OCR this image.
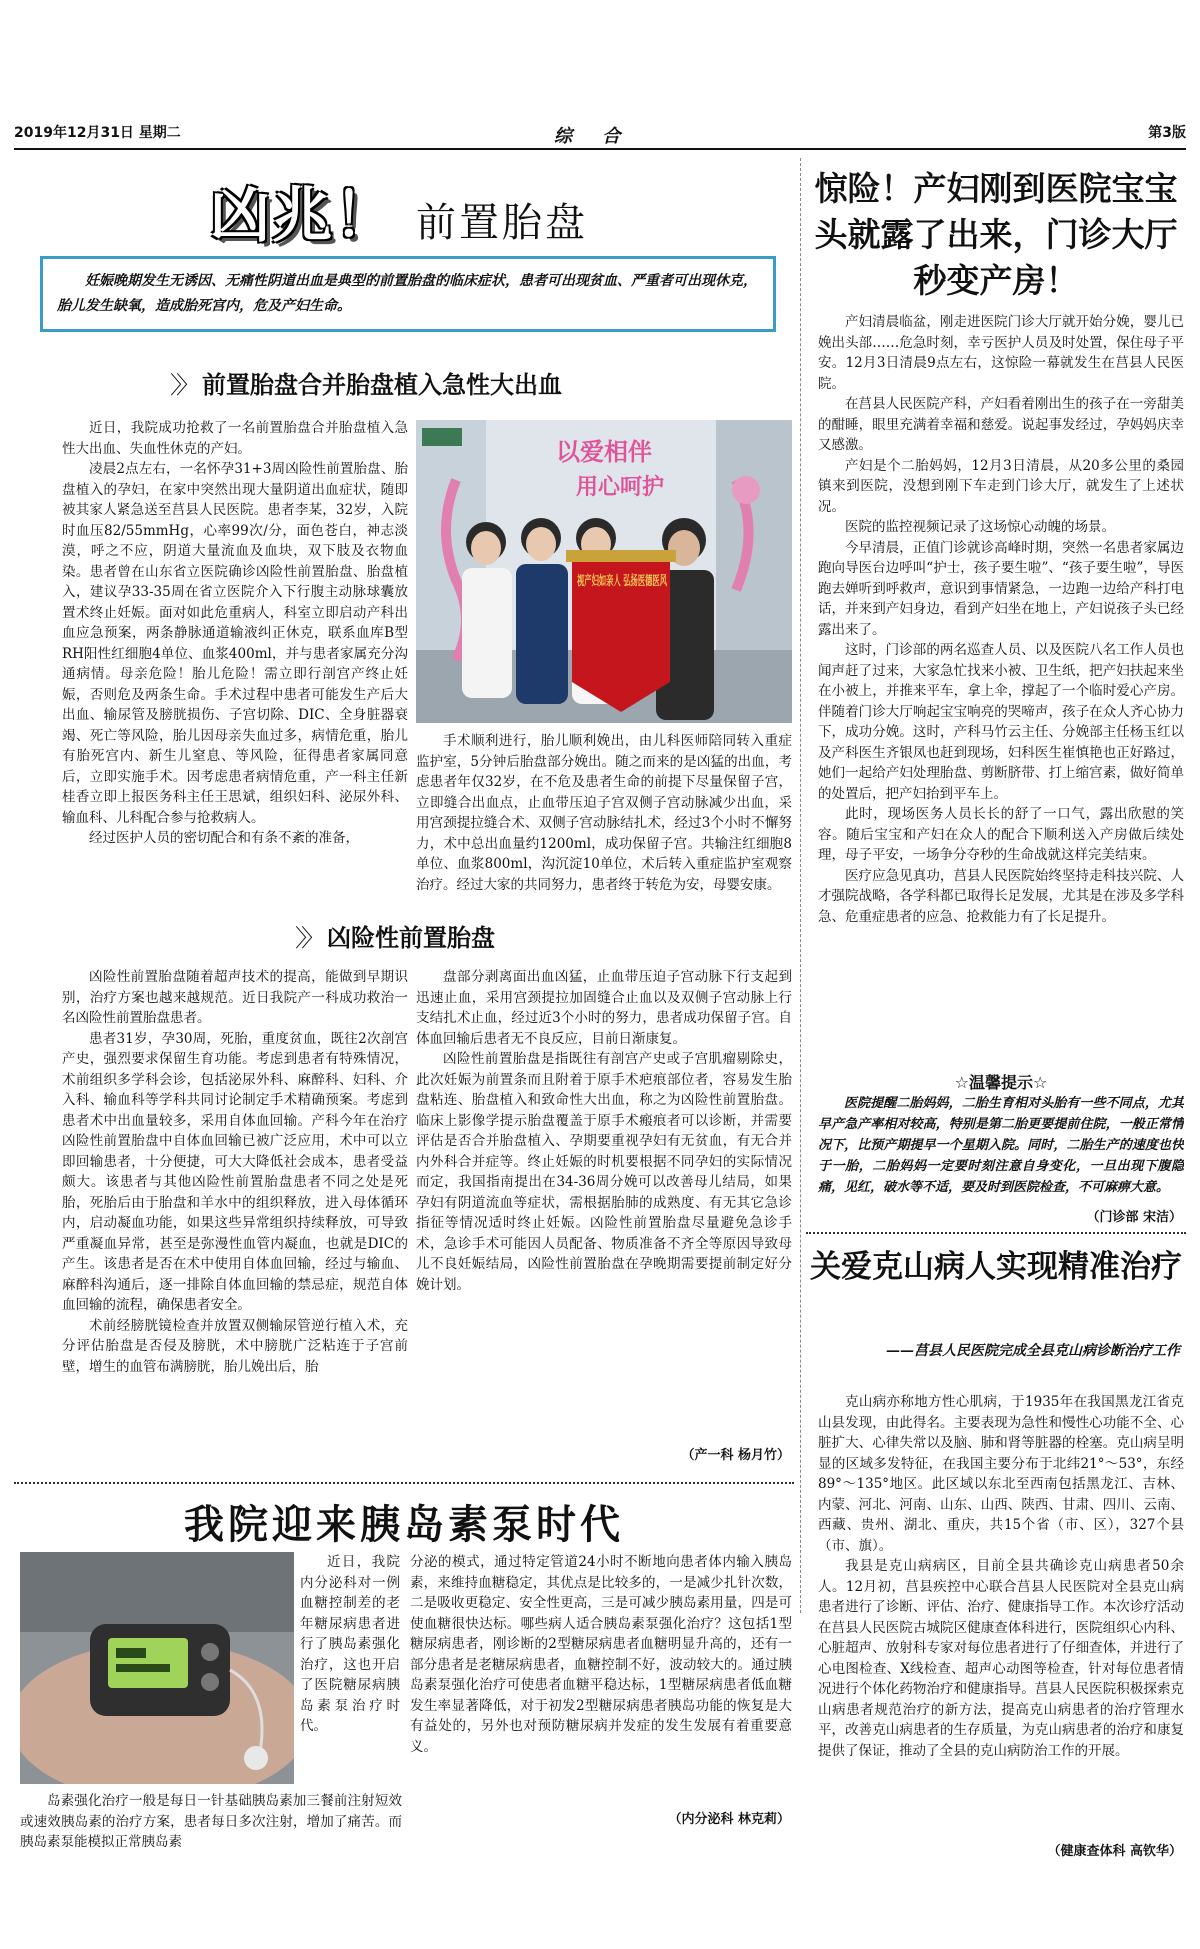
2019年12月31日 星期二	综 合	第3版
凶兆！ 前置胎盘

妊娠晚期发生无诱因、无痛性阴道出血是典型的前置胎盘的临床症状，患者可出现贫血、严重者可出现休克，胎儿发生缺氧，造成胎死宫内，危及产妇生命。

〉〉 前置胎盘合并胎盘植入急性大出血

近日，我院成功抢救了一名前置胎盘合并胎盘植入急性大出血、失血性休克的产妇。

凌晨2点左右，一名怀孕31+3周凶险性前置胎盘、胎盘植入的孕妇，在家中突然出现大量阴道出血症状，随即被其家人紧急送至莒县人民医院。患者李某，32岁，入院时血压82/55mmHg，心率99次/分，面色苍白，神志淡漠，呼之不应，阴道大量流血及血块，双下肢及衣物血染。患者曾在山东省立医院确诊凶险性前置胎盘、胎盘植入，建议孕33-35周在省立医院介入下行腹主动脉球囊放置术终止妊娠。面对如此危重病人，科室立即启动产科出血应急预案，两条静脉通道输液纠正休克，联系血库B型RH阳性红细胞4单位、血浆400ml，并与患者家属充分沟通病情。母亲危险！胎儿危险！需立即行剖宫产终止妊娠，否则危及两条生命。手术过程中患者可能发生产后大出血、输尿管及膀胱损伤、子宫切除、DIC、全身脏器衰竭、死亡等风险，胎儿因母亲失血过多，病情危重，胎儿有胎死宫内、新生儿窒息、等风险，征得患者家属同意后，立即实施手术。因考虑患者病情危重，产一科主任新桂香立即上报医务科主任王思斌，组织妇科、泌尿外科、输血科、儿科配合参与抢救病人。

经过医护人员的密切配合和有条不紊的准备，

以爱相伴
用心呵护
视产妇如亲人 弘扬医德医风

手术顺利进行，胎儿顺利娩出，由儿科医师陪同转入重症监护室，5分钟后胎盘部分娩出。随之而来的是凶猛的出血，考虑患者年仅32岁，在不危及患者生命的前提下尽量保留子宫，立即缝合出血点，止血带压迫子宫双侧子宫动脉减少出血，采用宫颈提拉缝合术、双侧子宫动脉结扎术，经过3个小时不懈努力，术中总出血量约1200ml，成功保留子宫。共输注红细胞8单位、血浆800ml，沟沉淀10单位，术后转入重症监护室观察治疗。经过大家的共同努力，患者终于转危为安，母婴安康。

〉〉 凶险性前置胎盘

凶险性前置胎盘随着超声技术的提高，能做到早期识别，治疗方案也越来越规范。近日我院产一科成功救治一名凶险性前置胎盘患者。

患者31岁，孕30周，死胎，重度贫血，既往2次剖宫产史，强烈要求保留生育功能。考虑到患者有特殊情况，术前组织多学科会诊，包括泌尿外科、麻醉科、妇科、介入科、输血科等学科共同讨论制定手术精确预案。考虑到患者术中出血量较多，采用自体血回输。产科今年在治疗凶险性前置胎盘中自体血回输已被广泛应用，术中可以立即回输患者，十分便捷，可大大降低社会成本，患者受益颇大。该患者与其他凶险性前置胎盘患者不同之处是死胎，死胎后由于胎盘和羊水中的组织释放，进入母体循环内，启动凝血功能，如果这些异常组织持续释放，可导致严重凝血异常，甚至是弥漫性血管内凝血，也就是DIC的产生。该患者是否在术中使用自体血回输，经过与输血、麻醉科沟通后，逐一排除自体血回输的禁忌症，规范自体血回输的流程，确保患者安全。

术前经膀胱镜检查并放置双侧输尿管逆行植入术，充分评估胎盘是否侵及膀胱，术中膀胱广泛粘连于子宫前壁，增生的血管布满膀胱，胎儿娩出后，胎

盘部分剥离面出血凶猛，止血带压迫子宫动脉下行支起到迅速止血，采用宫颈提拉加固缝合止血以及双侧子宫动脉上行支结扎术止血，经过近3个小时的努力，患者成功保留子宫。自体血回输后患者无不良反应，目前日渐康复。

凶险性前置胎盘是指既往有剖宫产史或子宫肌瘤剔除史，此次妊娠为前置条而且附着于原手术疤痕部位者，容易发生胎盘粘连、胎盘植入和致命性大出血，称之为凶险性前置胎盘。临床上影像学提示胎盘覆盖于原手术瘢痕者可以诊断，并需要评估是否合并胎盘植入、孕期要重视孕妇有无贫血，有无合并内外科合并症等。终止妊娠的时机要根据不同孕妇的实际情况而定，我国指南提出在34-36周分娩可以改善母儿结局，如果孕妇有阴道流血等症状，需根据胎肺的成熟度、有无其它急诊指征等情况适时终止妊娠。凶险性前置胎盘尽量避免急诊手术，急诊手术可能因人员配备、物质准备不齐全等原因导致母儿不良妊娠结局，凶险性前置胎盘在孕晚期需要提前制定好分娩计划。

（产一科 杨月竹）
我院迎来胰岛素泵时代

近日，我院内分泌科对一例血糖控制差的老年糖尿病患者进行了胰岛素强化治疗，这也开启了医院糖尿病胰岛素泵治疗时代。

岛素强化治疗一般是每日一针基础胰岛素加三餐前注射短效或速效胰岛素的治疗方案，患者每日多次注射，增加了痛苦。而胰岛素泵能模拟正常胰岛素

分泌的模式，通过特定管道24小时不断地向患者体内输入胰岛素，来维持血糖稳定，其优点是比较多的，一是减少扎针次数，二是吸收更稳定、安全性更高，三是可减少胰岛素用量，四是可使血糖很快达标。哪些病人适合胰岛素泵强化治疗？这包括1型糖尿病患者，刚诊断的2型糖尿病患者血糖明显升高的，还有一部分患者是老糖尿病患者，血糖控制不好，波动较大的。通过胰岛素泵强化治疗可使患者血糖平稳达标，1型糖尿病患者低血糖发生率显著降低，对于初发2型糖尿病患者胰岛功能的恢复是大有益处的，另外也对预防糖尿病并发症的发生发展有着重要意义。

（内分泌科 林克莉）
惊险！产妇刚到医院宝宝头就露了出来，门诊大厅秒变产房！

产妇清晨临盆，刚走进医院门诊大厅就开始分娩，婴儿已娩出头部……危急时刻，幸亏医护人员及时处置，保住母子平安。12月3日清晨9点左右，这惊险一幕就发生在莒县人民医院。

在莒县人民医院产科，产妇看着刚出生的孩子在一旁甜美的酣睡，眼里充满着幸福和慈爱。说起事发经过，孕妈妈庆幸又感激。

产妇是个二胎妈妈，12月3日清晨，从20多公里的桑园镇来到医院，没想到刚下车走到门诊大厅，就发生了上述状况。

医院的监控视频记录了这场惊心动魄的场景。

今早清晨，正值门诊就诊高峰时期，突然一名患者家属边跑向导医台边呼叫“护士，孩子要生啦”、“孩子要生啦”，导医跑去婵听到呼救声，意识到事情紧急，一边跑一边给产科打电话，并来到产妇身边，看到产妇坐在地上，产妇说孩子头已经露出来了。

这时，门诊部的两名巡查人员、以及医院八名工作人员也闻声赶了过来，大家急忙找来小被、卫生纸，把产妇扶起来坐在小被上，并推来平车，拿上伞，撑起了一个临时爱心产房。伴随着门诊大厅响起宝宝响亮的哭啼声，孩子在众人齐心协力下，成功分娩。这时，产科马竹云主任、分娩部主任杨玉红以及产科医生齐银凤也赶到现场，妇科医生崔慎艳也正好路过，她们一起给产妇处理胎盘、剪断脐带、打上缩宫素，做好简单的处置后，把产妇抬到平车上。

此时，现场医务人员长长的舒了一口气，露出欣慰的笑容。随后宝宝和产妇在众人的配合下顺利送入产房做后续处理，母子平安，一场争分夺秒的生命战就这样完美结束。

医疗应急见真功，莒县人民医院始终坚持走科技兴院、人才强院战略，各学科都已取得长足发展，尤其是在涉及多学科急、危重症患者的应急、抢救能力有了长足提升。

☆温馨提示☆

医院提醒二胎妈妈，二胎生育相对头胎有一些不同点，尤其早产急产率相对较高，特别是第二胎更要提前住院，一般正常情况下，比预产期提早一个星期入院。同时，二胎生产的速度也快于一胎，二胎妈妈一定要时刻注意自身变化，一旦出现下腹隐痛，见红，破水等不适，要及时到医院检查，不可麻痹大意。

（门诊部 宋洁）
关爱克山病人实现精准治疗
——莒县人民医院完成全县克山病诊断治疗工作

克山病亦称地方性心肌病，于1935年在我国黑龙江省克山县发现，由此得名。主要表现为急性和慢性心功能不全、心脏扩大、心律失常以及脑、肺和肾等脏器的栓塞。克山病呈明显的区域多发特征，在我国主要分布于北纬21°～53°，东经89°～135°地区。此区域以东北至西南包括黑龙江、吉林、内蒙、河北、河南、山东、山西、陕西、甘肃、四川、云南、西藏、贵州、湖北、重庆，共15个省（市、区），327个县（市、旗）。

我县是克山病病区，目前全县共确诊克山病患者50余人。12月初，莒县疾控中心联合莒县人民医院对全县克山病患者进行了诊断、评估、治疗、健康指导工作。本次诊疗活动在莒县人民医院古城院区健康查体科进行，医院组织心内科、心脏超声、放射科专家对每位患者进行了仔细查体，并进行了心电图检查、X线检查、超声心动图等检查，针对每位患者情况进行个体化药物治疗和健康指导。莒县人民医院积极探索克山病患者规范治疗的新方法，提高克山病患者的治疗管理水平，改善克山病患者的生存质量，为克山病患者的治疗和康复提供了保证，推动了全县的克山病防治工作的开展。

（健康查体科 高钦华）
